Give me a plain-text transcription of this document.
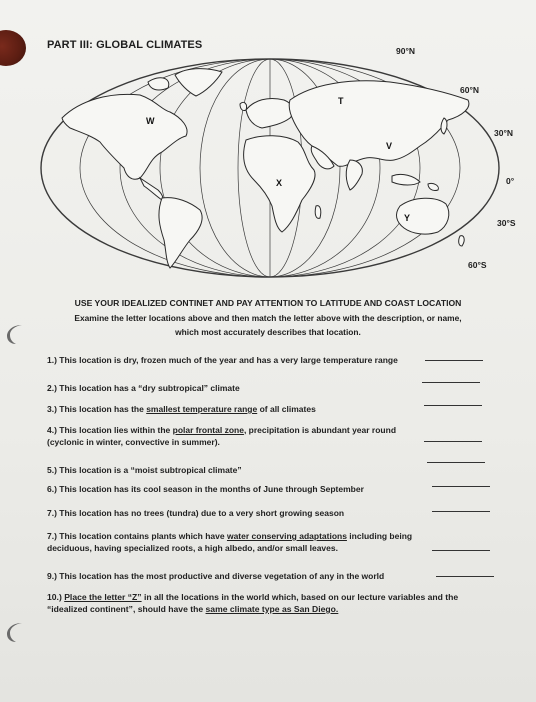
PART III: GLOBAL CLIMATES	90°N
60°N
30°N
0°
30°S
60°S
W
T
V
X
Y
USE YOUR IDEALIZED CONTINET AND PAY ATTENTION TO LATITUDE AND COAST LOCATION
Examine the letter locations above and then match the letter above with the description, or name,
which most accurately describes that location.
1.) This location is dry, frozen much of the year and has a very large temperature range
2.) This location has a “dry subtropical” climate
3.) This location has the smallest temperature range of all climates
4.) This location lies within the polar frontal zone, precipitation is abundant year round
(cyclonic in winter, convective in summer).
5.) This location is a “moist subtropical climate”
6.) This location has its cool season in the months of June through September
7.) This location has no trees (tundra) due to a very short growing season
7.) This location contains plants which have water conserving adaptations including being
deciduous, having specialized roots, a high albedo, and/or small leaves.
9.) This location has the most productive and diverse vegetation of any in the world
10.) Place the letter “Z” in all the locations in the world which, based on our lecture variables and the
“idealized continent”, should have the same climate type as San Diego.
